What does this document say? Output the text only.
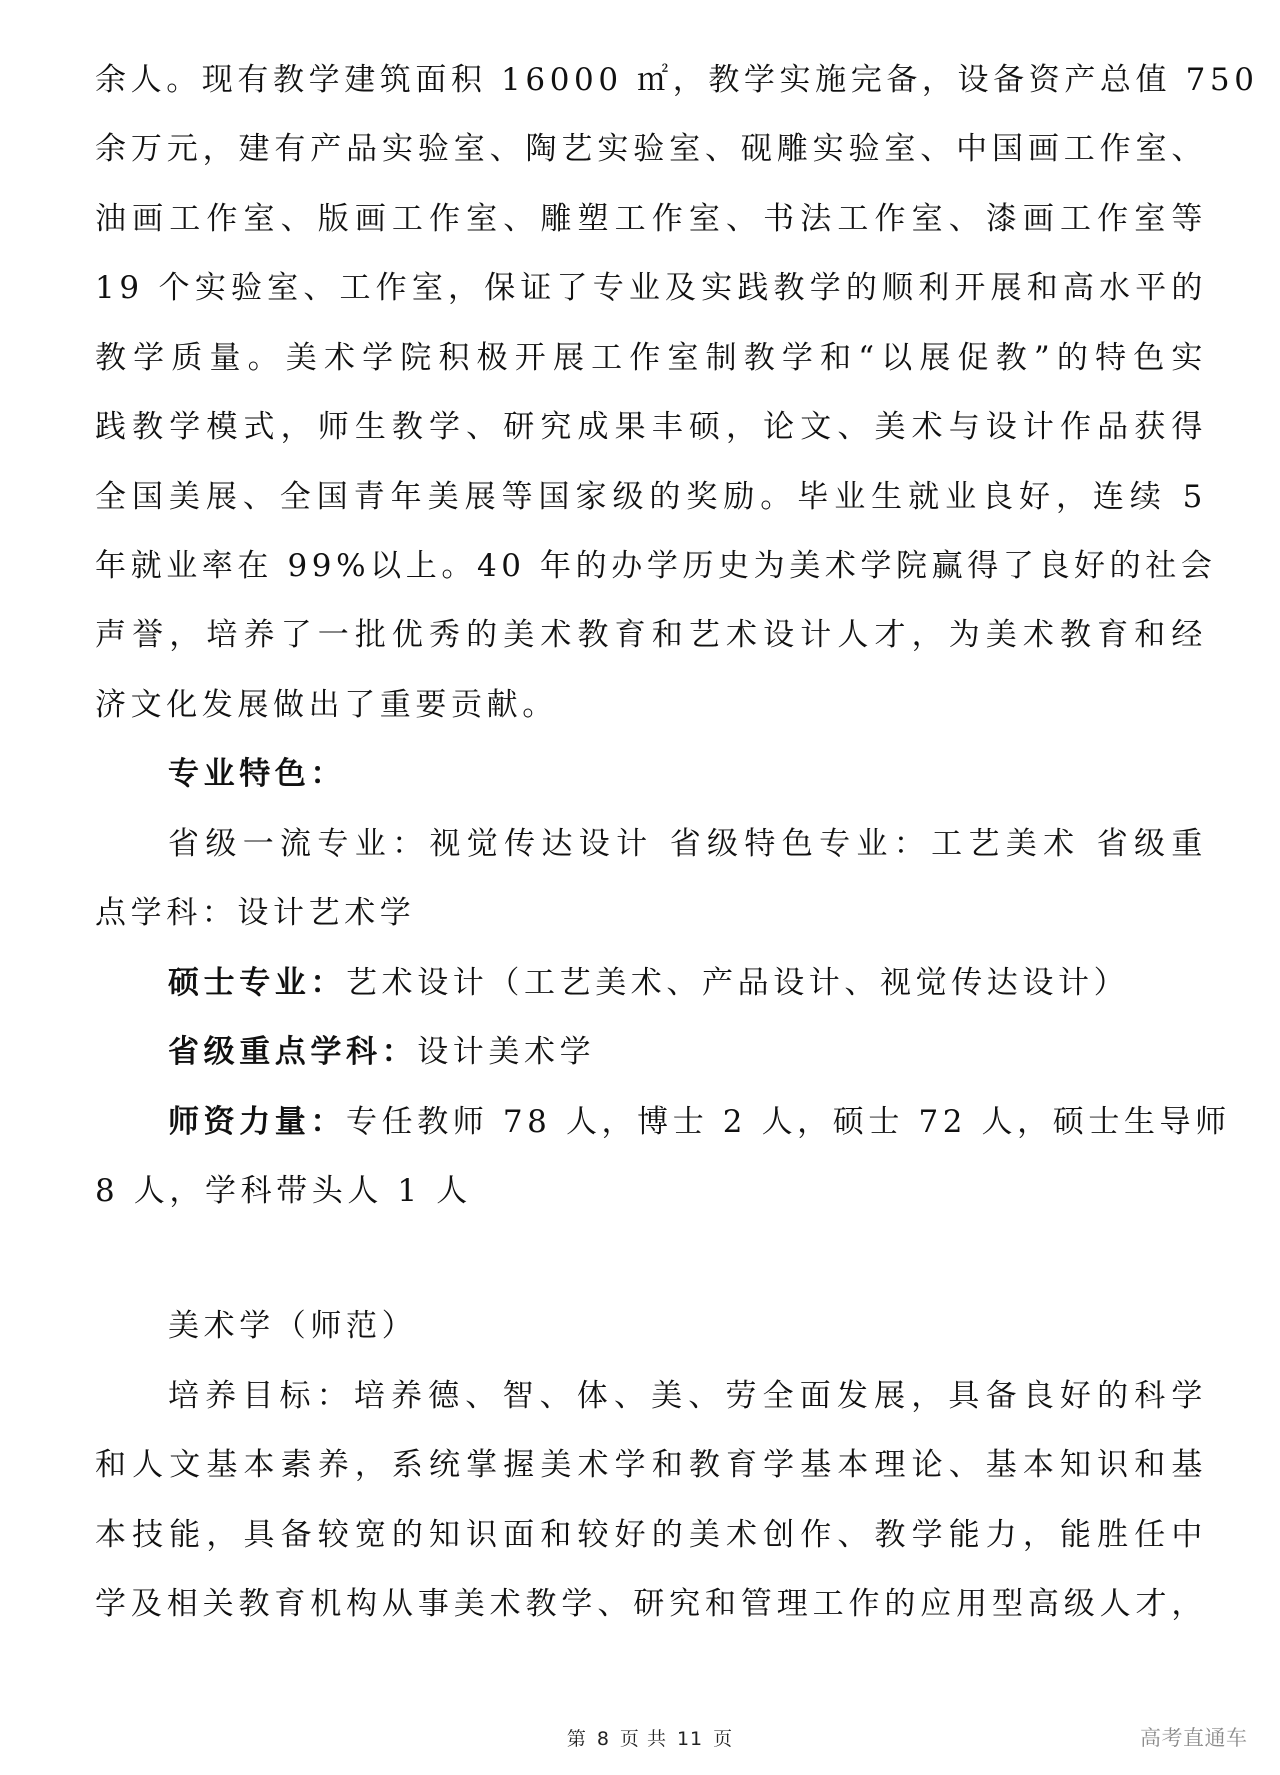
余人。现有教学建筑面积 16000 ㎡，教学实施完备，设备资产总值 750
余万元，建有产品实验室、陶艺实验室、砚雕实验室、中国画工作室、
油画工作室、版画工作室、雕塑工作室、书法工作室、漆画工作室等
19 个实验室、工作室，保证了专业及实践教学的顺利开展和高水平的
教学质量。美术学院积极开展工作室制教学和“以展促教”的特色实
践教学模式，师生教学、研究成果丰硕，论文、美术与设计作品获得
全国美展、全国青年美展等国家级的奖励。毕业生就业良好，连续 5
年就业率在 99%以上。40 年的办学历史为美术学院赢得了良好的社会
声誉，培养了一批优秀的美术教育和艺术设计人才，为美术教育和经
济文化发展做出了重要贡献。
专业特色：
省级一流专业：视觉传达设计 省级特色专业：工艺美术 省级重
点学科：设计艺术学
硕士专业：艺术设计（工艺美术、产品设计、视觉传达设计）
省级重点学科：设计美术学
师资力量：专任教师 78 人，博士 2 人，硕士 72 人，硕士生导师
8 人，学科带头人 1 人
美术学（师范）
培养目标：培养德、智、体、美、劳全面发展，具备良好的科学
和人文基本素养，系统掌握美术学和教育学基本理论、基本知识和基
本技能，具备较宽的知识面和较好的美术创作、教学能力，能胜任中
学及相关教育机构从事美术教学、研究和管理工作的应用型高级人才，
第 8 页 共 11 页	高考直通车
